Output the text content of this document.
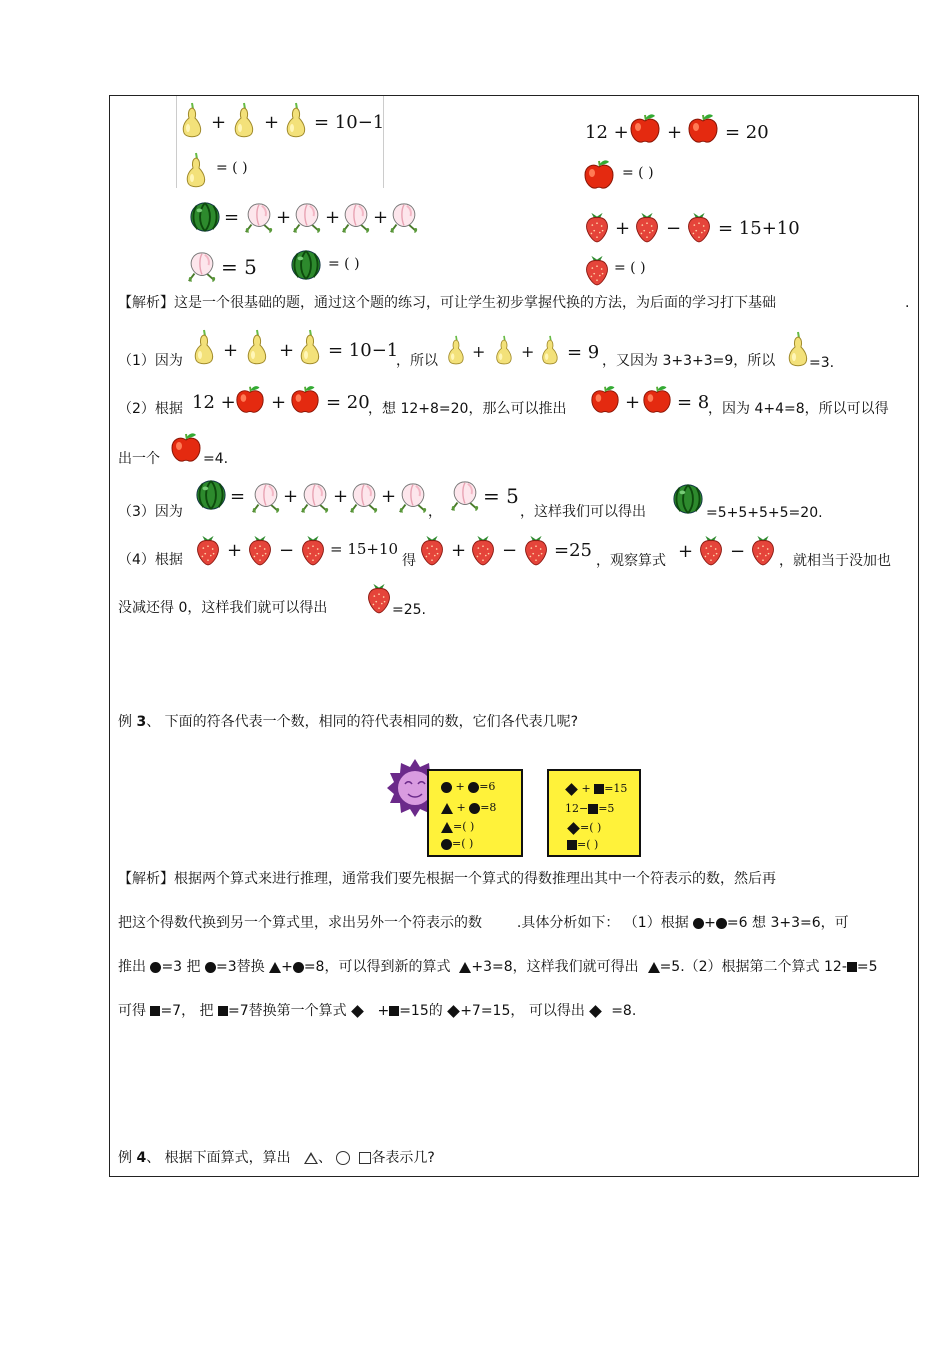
+ + = 10−1
= ( )
= + + +
= 5	= ( )
12 + + = 20
= ( )
+ − = 15+10
= ( )
【解析】这是一个很基础的题，通过这个题的练习，可让学生初步掌握代换的方法，为后面的学习打下基础	.
（1）因为 + + = 10−1
，所以 + + = 9 ，又因为 3+3+3=9，所以 =3.
（2）根据 12 + + = 20
，想 12+8=20，那么可以推出	+ = 8
，因为 4+4=8，所以可以得
出一个	=4.
（3）因为
= + + +
，
= 5
，这样我们可以得出	=5+5+5+5=20.
（4）根据 + − = 15+10
得 + − =25 ，观察算式 + − ，就相当于没加也
没减还得 0，这样我们就可以得出	=25.
例 3、 下面的符各代表一个数，相同的符代表相同的数，它们各代表几呢?
+ =6
+ =8
=( )
=( )
+ =15
12− =5
=( )
=( )
【解析】根据两个算式来进行推理，通常我们要先根据一个算式的得数推理出其中一个符表示的数，然后再
把这个得数代换到另一个算式里，求出另外一个符表示的数 .具体分析如下： （1）根据 + =6 想 3+3=6，可
推出 =3 把 =3替换 + =8，可以得到新的算式 +3=8，这样我们就可得出 =5.（2）根据第二个算式 12- =5
可得 =7， 把 =7替换第一个算式    + =15的 +7=15， 可以得出 =8.
例 4、 根据下面算式，算出 、	各表示几?
